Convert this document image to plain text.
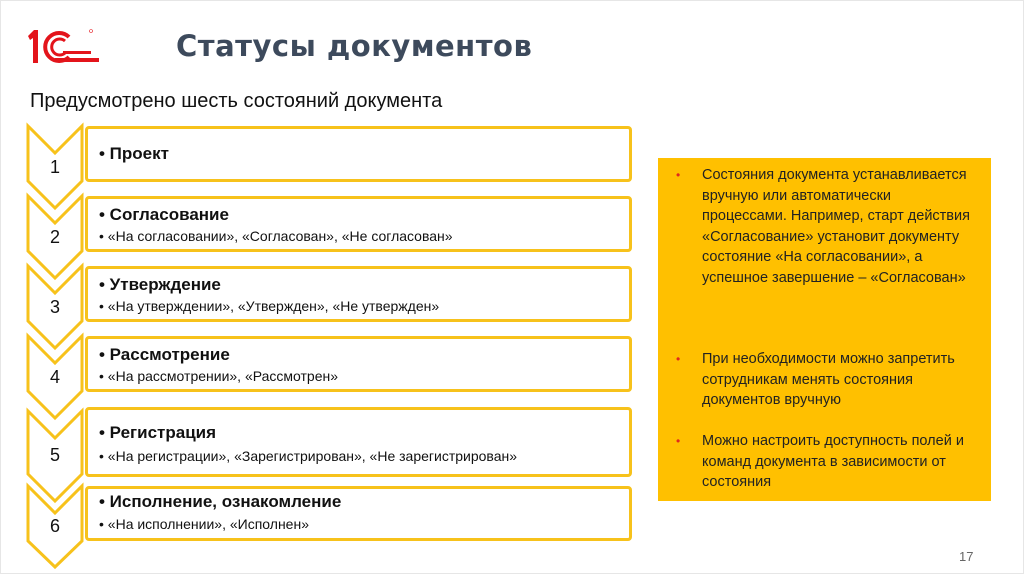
Статусы документов
Предусмотрено шесть состояний документа
1
2
3
4
5
6
• Проект
• Согласование
• «На согласовании», «Согласован», «Не согласован»
• Утверждение
• «На утверждении», «Утвержден», «Не утвержден»
• Рассмотрение
• «На рассмотрении», «Рассмотрен»
• Регистрация
• «На регистрации», «Зарегистрирован», «Не зарегистрирован»
• Исполнение, ознакомление
• «На исполнении», «Исполнен»
• Состояния документа устанавливается вручную или автоматически процессами. Например, старт действия «Согласование» установит документу состояние «На согласовании», а успешное завершение – «Согласован»
• При необходимости можно запретить сотрудникам менять состояния документов вручную
• Можно настроить доступность полей и команд документа в зависимости от состояния
17
